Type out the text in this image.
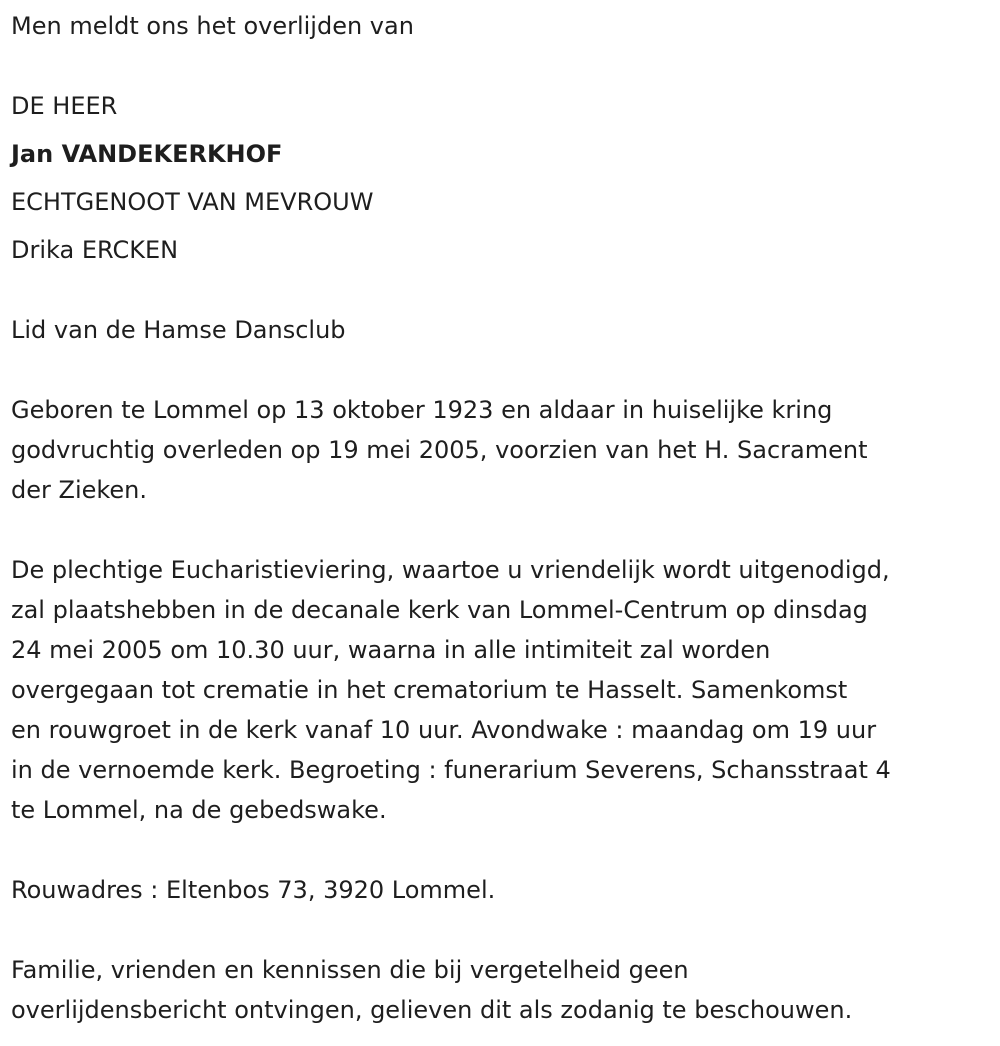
Men meldt ons het overlijden van
DE HEER
Jan VANDEKERKHOF
ECHTGENOOT VAN MEVROUW
Drika ERCKEN
Lid van de Hamse Dansclub
Geboren te Lommel op 13 oktober 1923 en aldaar in huiselijke kring
godvruchtig overleden op 19 mei 2005, voorzien van het H. Sacrament
der Zieken.
De plechtige Eucharistieviering, waartoe u vriendelijk wordt uitgenodigd,
zal plaatshebben in de decanale kerk van Lommel-Centrum op dinsdag
24 mei 2005 om 10.30 uur, waarna in alle intimiteit zal worden
overgegaan tot crematie in het crematorium te Hasselt. Samenkomst
en rouwgroet in de kerk vanaf 10 uur. Avondwake : maandag om 19 uur
in de vernoemde kerk. Begroeting : funerarium Severens, Schansstraat 4
te Lommel, na de gebedswake.
Rouwadres : Eltenbos 73, 3920 Lommel.
Familie, vrienden en kennissen die bij vergetelheid geen
overlijdensbericht ontvingen, gelieven dit als zodanig te beschouwen.
